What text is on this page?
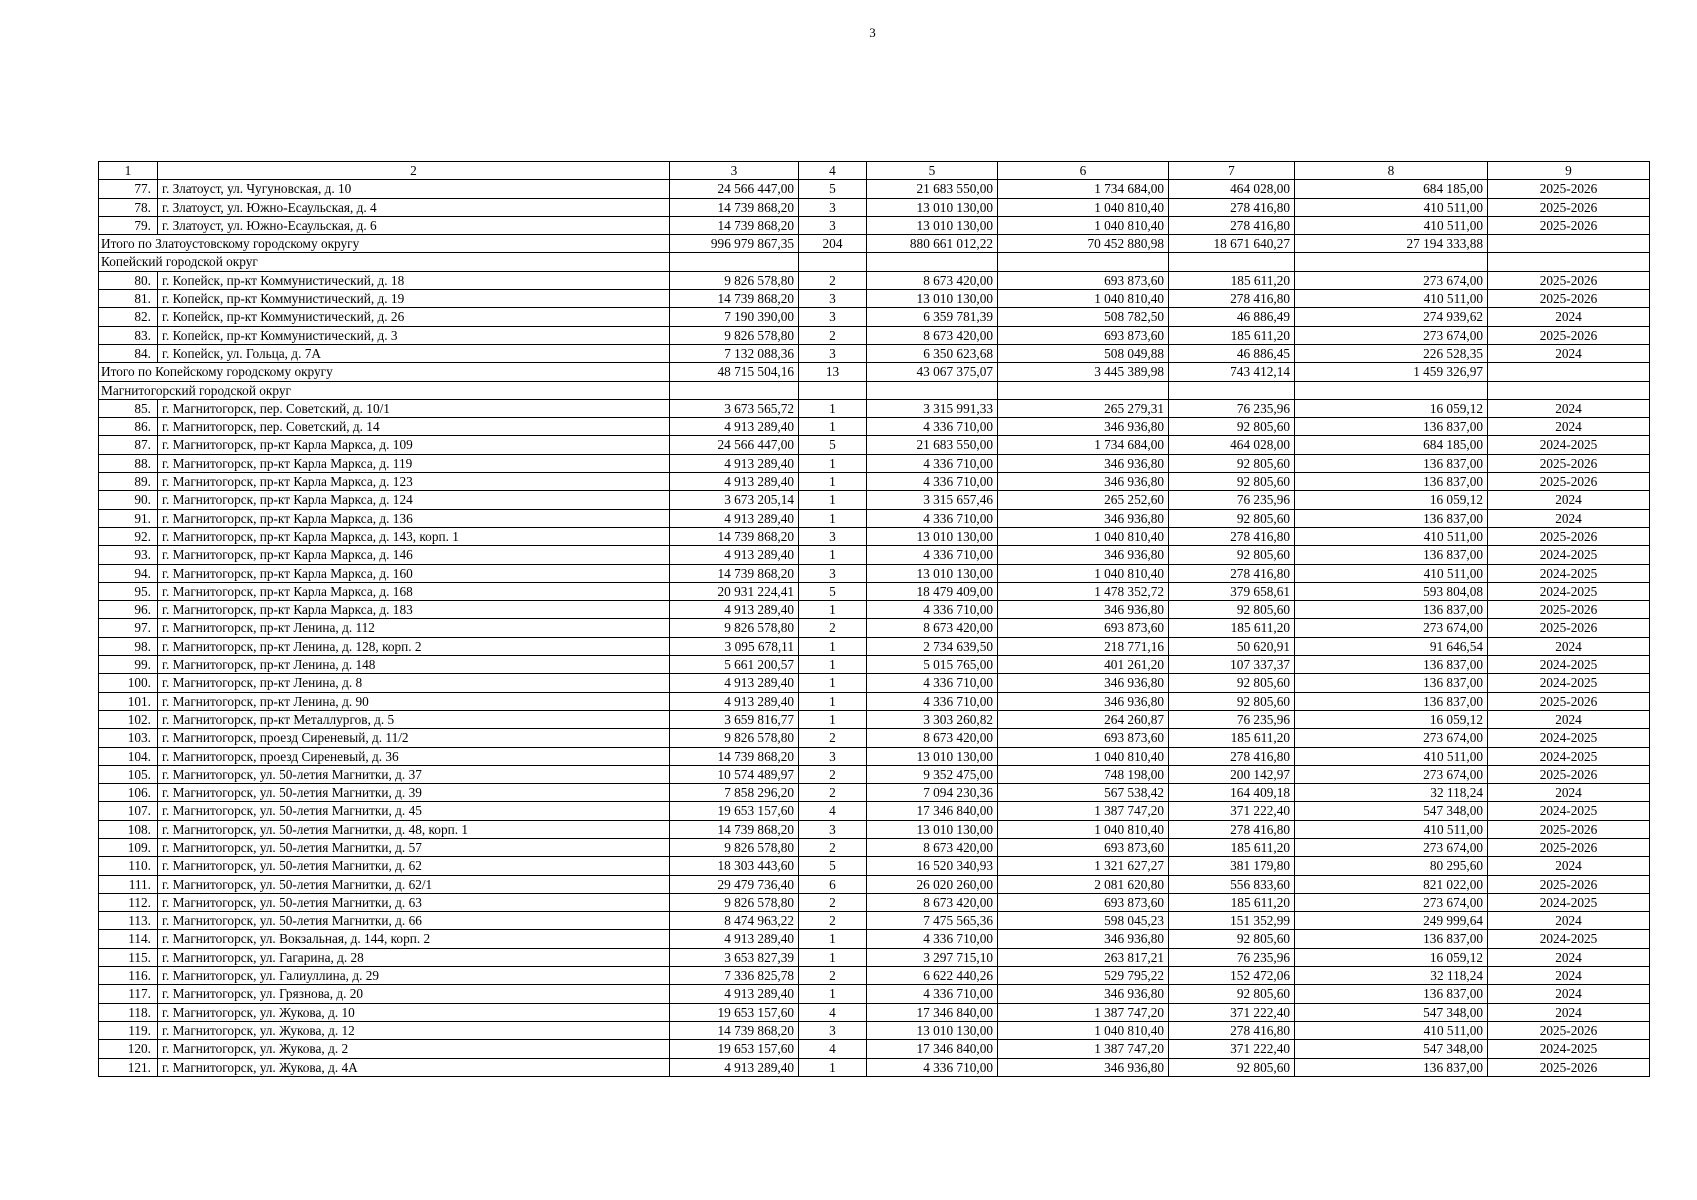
3
1	2	3	4	5	6	7	8	9
77.	г. Златоуст, ул. Чугуновская, д. 10	24 566 447,00	5	21 683 550,00	1 734 684,00	464 028,00	684 185,00	2025-2026
78.	г. Златоуст, ул. Южно-Есаульская, д. 4	14 739 868,20	3	13 010 130,00	1 040 810,40	278 416,80	410 511,00	2025-2026
79.	г. Златоуст, ул. Южно-Есаульская, д. 6	14 739 868,20	3	13 010 130,00	1 040 810,40	278 416,80	410 511,00	2025-2026
Итого по Златоустовскому городскому округу		996 979 867,35	204	880 661 012,22	70 452 880,98	18 671 640,27	27 194 333,88	
Копейский городской округ								
80.	г. Копейск, пр-кт Коммунистический, д. 18	9 826 578,80	2	8 673 420,00	693 873,60	185 611,20	273 674,00	2025-2026
81.	г. Копейск, пр-кт Коммунистический, д. 19	14 739 868,20	3	13 010 130,00	1 040 810,40	278 416,80	410 511,00	2025-2026
82.	г. Копейск, пр-кт Коммунистический, д. 26	7 190 390,00	3	6 359 781,39	508 782,50	46 886,49	274 939,62	2024
83.	г. Копейск, пр-кт Коммунистический, д. 3	9 826 578,80	2	8 673 420,00	693 873,60	185 611,20	273 674,00	2025-2026
84.	г. Копейск, ул. Гольца, д. 7А	7 132 088,36	3	6 350 623,68	508 049,88	46 886,45	226 528,35	2024
Итого по Копейскому городскому округу		48 715 504,16	13	43 067 375,07	3 445 389,98	743 412,14	1 459 326,97	
Магнитогорский городской округ								
85.	г. Магнитогорск, пер. Советский, д. 10/1	3 673 565,72	1	3 315 991,33	265 279,31	76 235,96	16 059,12	2024
86.	г. Магнитогорск, пер. Советский, д. 14	4 913 289,40	1	4 336 710,00	346 936,80	92 805,60	136 837,00	2024
87.	г. Магнитогорск, пр-кт Карла Маркса, д. 109	24 566 447,00	5	21 683 550,00	1 734 684,00	464 028,00	684 185,00	2024-2025
88.	г. Магнитогорск, пр-кт Карла Маркса, д. 119	4 913 289,40	1	4 336 710,00	346 936,80	92 805,60	136 837,00	2025-2026
89.	г. Магнитогорск, пр-кт Карла Маркса, д. 123	4 913 289,40	1	4 336 710,00	346 936,80	92 805,60	136 837,00	2025-2026
90.	г. Магнитогорск, пр-кт Карла Маркса, д. 124	3 673 205,14	1	3 315 657,46	265 252,60	76 235,96	16 059,12	2024
91.	г. Магнитогорск, пр-кт Карла Маркса, д. 136	4 913 289,40	1	4 336 710,00	346 936,80	92 805,60	136 837,00	2024
92.	г. Магнитогорск, пр-кт Карла Маркса, д. 143, корп. 1	14 739 868,20	3	13 010 130,00	1 040 810,40	278 416,80	410 511,00	2025-2026
93.	г. Магнитогорск, пр-кт Карла Маркса, д. 146	4 913 289,40	1	4 336 710,00	346 936,80	92 805,60	136 837,00	2024-2025
94.	г. Магнитогорск, пр-кт Карла Маркса, д. 160	14 739 868,20	3	13 010 130,00	1 040 810,40	278 416,80	410 511,00	2024-2025
95.	г. Магнитогорск, пр-кт Карла Маркса, д. 168	20 931 224,41	5	18 479 409,00	1 478 352,72	379 658,61	593 804,08	2024-2025
96.	г. Магнитогорск, пр-кт Карла Маркса, д. 183	4 913 289,40	1	4 336 710,00	346 936,80	92 805,60	136 837,00	2025-2026
97.	г. Магнитогорск, пр-кт Ленина, д. 112	9 826 578,80	2	8 673 420,00	693 873,60	185 611,20	273 674,00	2025-2026
98.	г. Магнитогорск, пр-кт Ленина, д. 128, корп. 2	3 095 678,11	1	2 734 639,50	218 771,16	50 620,91	91 646,54	2024
99.	г. Магнитогорск, пр-кт Ленина, д. 148	5 661 200,57	1	5 015 765,00	401 261,20	107 337,37	136 837,00	2024-2025
100.	г. Магнитогорск, пр-кт Ленина, д. 8	4 913 289,40	1	4 336 710,00	346 936,80	92 805,60	136 837,00	2024-2025
101.	г. Магнитогорск, пр-кт Ленина, д. 90	4 913 289,40	1	4 336 710,00	346 936,80	92 805,60	136 837,00	2025-2026
102.	г. Магнитогорск, пр-кт Металлургов, д. 5	3 659 816,77	1	3 303 260,82	264 260,87	76 235,96	16 059,12	2024
103.	г. Магнитогорск, проезд Сиреневый, д. 11/2	9 826 578,80	2	8 673 420,00	693 873,60	185 611,20	273 674,00	2024-2025
104.	г. Магнитогорск, проезд Сиреневый, д. 36	14 739 868,20	3	13 010 130,00	1 040 810,40	278 416,80	410 511,00	2024-2025
105.	г. Магнитогорск, ул. 50-летия Магнитки, д. 37	10 574 489,97	2	9 352 475,00	748 198,00	200 142,97	273 674,00	2025-2026
106.	г. Магнитогорск, ул. 50-летия Магнитки, д. 39	7 858 296,20	2	7 094 230,36	567 538,42	164 409,18	32 118,24	2024
107.	г. Магнитогорск, ул. 50-летия Магнитки, д. 45	19 653 157,60	4	17 346 840,00	1 387 747,20	371 222,40	547 348,00	2024-2025
108.	г. Магнитогорск, ул. 50-летия Магнитки, д. 48, корп. 1	14 739 868,20	3	13 010 130,00	1 040 810,40	278 416,80	410 511,00	2025-2026
109.	г. Магнитогорск, ул. 50-летия Магнитки, д. 57	9 826 578,80	2	8 673 420,00	693 873,60	185 611,20	273 674,00	2025-2026
110.	г. Магнитогорск, ул. 50-летия Магнитки, д. 62	18 303 443,60	5	16 520 340,93	1 321 627,27	381 179,80	80 295,60	2024
111.	г. Магнитогорск, ул. 50-летия Магнитки, д. 62/1	29 479 736,40	6	26 020 260,00	2 081 620,80	556 833,60	821 022,00	2025-2026
112.	г. Магнитогорск, ул. 50-летия Магнитки, д. 63	9 826 578,80	2	8 673 420,00	693 873,60	185 611,20	273 674,00	2024-2025
113.	г. Магнитогорск, ул. 50-летия Магнитки, д. 66	8 474 963,22	2	7 475 565,36	598 045,23	151 352,99	249 999,64	2024
114.	г. Магнитогорск, ул. Вокзальная, д. 144, корп. 2	4 913 289,40	1	4 336 710,00	346 936,80	92 805,60	136 837,00	2024-2025
115.	г. Магнитогорск, ул. Гагарина, д. 28	3 653 827,39	1	3 297 715,10	263 817,21	76 235,96	16 059,12	2024
116.	г. Магнитогорск, ул. Галиуллина, д. 29	7 336 825,78	2	6 622 440,26	529 795,22	152 472,06	32 118,24	2024
117.	г. Магнитогорск, ул. Грязнова, д. 20	4 913 289,40	1	4 336 710,00	346 936,80	92 805,60	136 837,00	2024
118.	г. Магнитогорск, ул. Жукова, д. 10	19 653 157,60	4	17 346 840,00	1 387 747,20	371 222,40	547 348,00	2024
119.	г. Магнитогорск, ул. Жукова, д. 12	14 739 868,20	3	13 010 130,00	1 040 810,40	278 416,80	410 511,00	2025-2026
120.	г. Магнитогорск, ул. Жукова, д. 2	19 653 157,60	4	17 346 840,00	1 387 747,20	371 222,40	547 348,00	2024-2025
121.	г. Магнитогорск, ул. Жукова, д. 4А	4 913 289,40	1	4 336 710,00	346 936,80	92 805,60	136 837,00	2025-2026
